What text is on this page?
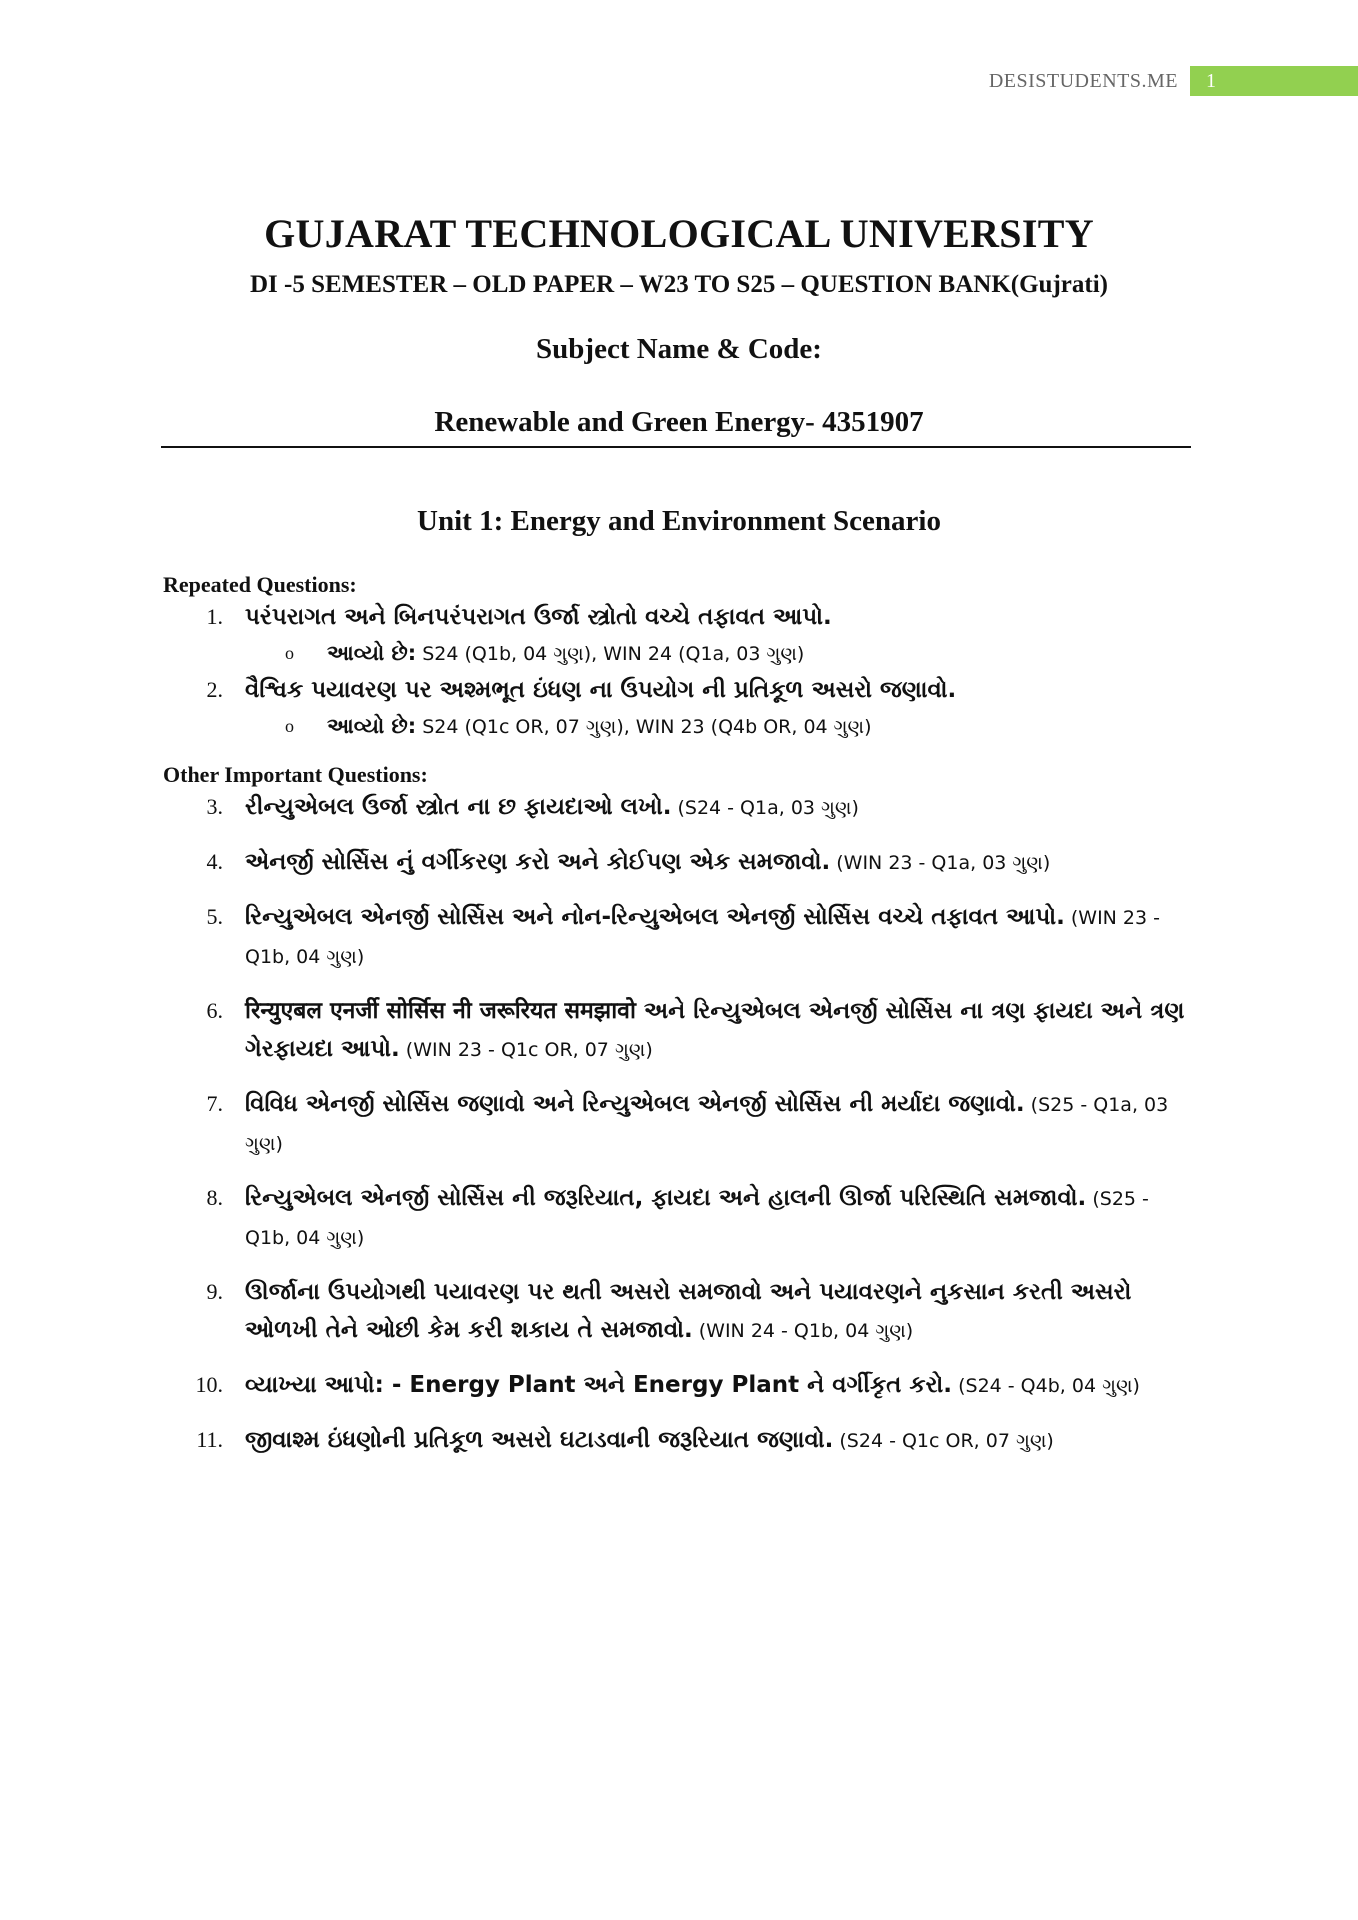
DESISTUDENTS.ME	1
GUJARAT TECHNOLOGICAL UNIVERSITY
DI -5 SEMESTER – OLD PAPER – W23 TO S25 – QUESTION BANK(Gujrati)
Subject Name & Code:
Renewable and Green Energy- 4351907
Unit 1: Energy and Environment Scenario
Repeated Questions:
1. પરંપરાગત અને બિનપરંપરાગત ઉર્જા સ્ત્રોતો વચ્ચે તફાવત આપો.
o આવ્યો છે: S24 (Q1b, 04 ગુણ), WIN 24 (Q1a, 03 ગુણ)
2. વૈશ્વિક પયાવરણ પર અશ્મભૂત ઇંધણ ના ઉપયોગ ની પ્રતિકૂળ અસરો જણાવો.
o આવ્યો છે: S24 (Q1c OR, 07 ગુણ), WIN 23 (Q4b OR, 04 ગુણ)
Other Important Questions:
3. રીન્યુએબલ ઉર્જા સ્ત્રોત ના છ ફાયદાઓ લખો. (S24 - Q1a, 03 ગુણ)
4. એનર્જી સોર્સિસ નું વર્ગીકરણ કરો અને કોઈપણ એક સમજાવો. (WIN 23 - Q1a, 03 ગુણ)
5. રિન્યુએબલ એનર્જી સોર્સિસ અને નોન-રિન્યુએબલ એનર્જી સોર્સિસ વચ્ચે તફાવત આપો. (WIN 23 - Q1b, 04 ગુણ)
6. रिन्युएबल एनर्जी सोर्सिस नी जरूरियत समझावो અને રિન્યુએબલ એનર્જી સોર્સિસ ના ત્રણ ફાયદા અને ત્રણ ગેરફાયદા આપો. (WIN 23 - Q1c OR, 07 ગુણ)
7. વિવિધ એનર્જી સોર્સિસ જણાવો અને રિન્યુએબલ એનર્જી સોર્સિસ ની મર્યાદા જણાવો. (S25 - Q1a, 03 ગુણ)
8. રિન્યુએબલ એનર્જી સોર્સિસ ની જરૂરિયાત, ફાયદા અને હાલની ઊર્જા પરિસ્થિતિ સમજાવો. (S25 - Q1b, 04 ગુણ)
9. ઊર્જાના ઉપયોગથી પયાવરણ પર થતી અસરો સમજાવો અને પયાવરણને નુકસાન કરતી અસરો ઓળખી તેને ઓછી કેમ કરી શકાય તે સમજાવો. (WIN 24 - Q1b, 04 ગુણ)
10. વ્યાખ્યા આપો: - Energy Plant અને Energy Plant ને વર્ગીકૃત કરો. (S24 - Q4b, 04 ગુણ)
11. જીવાશ્મ ઇંધણોની પ્રતિકૂળ અસરો ઘટાડવાની જરૂરિયાત જણાવો. (S24 - Q1c OR, 07 ગુણ)
